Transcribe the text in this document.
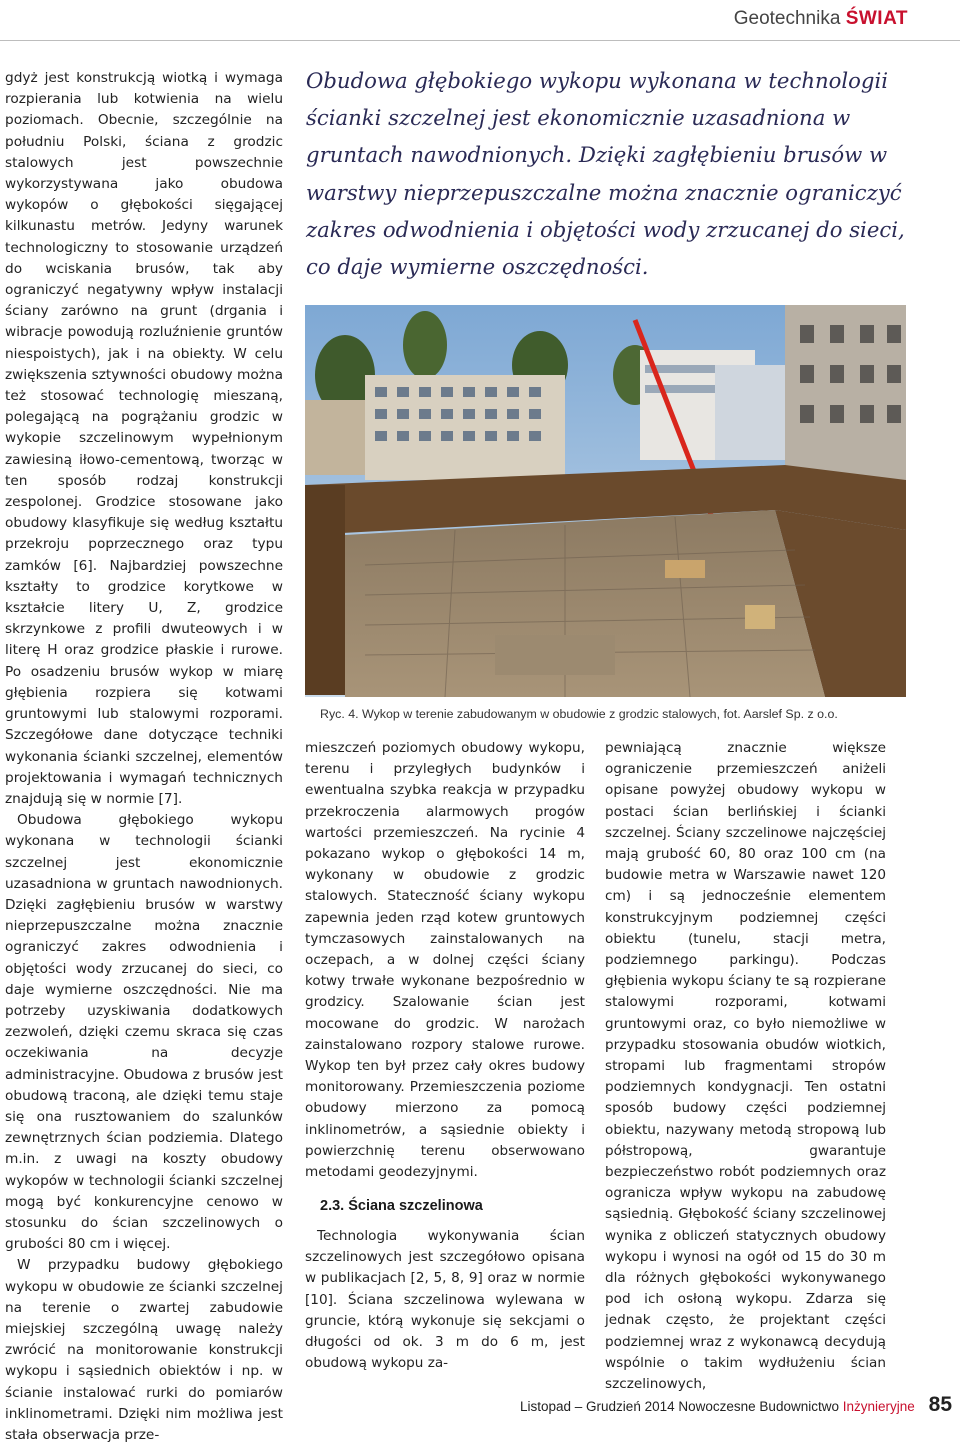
Geotechnika ŚWIAT

gdyż jest konstrukcją wiotką i wymaga rozpierania lub kotwienia na wielu poziomach. Obecnie, szczególnie na południu Polski, ściana z grodzic stalowych jest powszechnie wykorzystywana jako obudowa wykopów o głębokości sięgającej kilkunastu metrów. Jedyny warunek technologiczny to stosowanie urządzeń do wciskania brusów, tak aby ograniczyć negatywny wpływ instalacji ściany zarówno na grunt (drgania i wibracje powodują rozluźnienie gruntów niespoistych), jak i na obiekty. W celu zwiększenia sztywności obudowy można też stosować technologię mieszaną, polegającą na pogrążaniu grodzic w wykopie szczelinowym wypełnionym zawiesiną iłowo-cementową, tworząc w ten sposób rodzaj konstrukcji zespolonej. Grodzice stosowane jako obudowy klasyfikuje się według kształtu przekroju poprzecznego oraz typu zamków [6]. Najbardziej powszechne kształty to grodzice korytkowe w kształcie litery U, Z, grodzice skrzynkowe z profili dwuteowych i w literę H oraz grodzice płaskie i rurowe. Po osadzeniu brusów wykop w miarę głębienia rozpiera się kotwami gruntowymi lub stalowymi rozporami. Szczegółowe dane dotyczące techniki wykonania ścianki szczelnej, elementów projektowania i wymagań technicznych znajdują się w normie [7].

Obudowa głębokiego wykopu wykonana w technologii ścianki szczelnej jest ekonomicznie uzasadniona w gruntach nawodnionych. Dzięki zagłębieniu brusów w warstwy nieprzepuszczalne można znacznie ograniczyć zakres odwodnienia i objętości wody zrzucanej do sieci, co daje wymierne oszczędności. Nie ma potrzeby uzyskiwania dodatkowych zezwoleń, dzięki czemu skraca się czas oczekiwania na decyzje administracyjne. Obudowa z brusów jest obudową traconą, ale dzięki temu staje się ona rusztowaniem do szalunków zewnętrznych ścian podziemia. Dlatego m.in. z uwagi na koszty obudowy wykopów w technologii ścianki szczelnej mogą być konkurencyjne cenowo w stosunku do ścian szczelinowych o grubości 80 cm i więcej.

W przypadku budowy głębokiego wykopu w obudowie ze ścianki szczelnej na terenie o zwartej zabudowie miejskiej szczególną uwagę należy zwrócić na monitorowanie konstrukcji wykopu i sąsiednich obiektów i np. w ścianie instalować rurki do pomiarów inklinometrami. Dzięki nim możliwa jest stała obserwacja prze-

Obudowa głębokiego wykopu wykonana w technologii ścianki szczelnej jest ekonomicznie uzasadniona w gruntach nawodnionych. Dzięki zagłębieniu brusów w warstwy nieprzepuszczalne można znacznie ograniczyć zakres odwodnienia i objętości wody zrzucanej do sieci, co daje wymierne oszczędności.
Ryc. 4. Wykop w terenie zabudowanym w obudowie z grodzic stalowych, fot. Aarslef Sp. z o.o.

mieszczeń poziomych obudowy wykopu, terenu i przyległych budynków i ewentualna szybka reakcja w przypadku przekroczenia alarmowych progów wartości przemieszczeń. Na rycinie 4 pokazano wykop o głębokości 14 m, wykonany w obudowie z grodzic stalowych. Stateczność ściany wykopu zapewnia jeden rząd kotew gruntowych tymczasowych zainstalowanych na oczepach, a w dolnej części ściany kotwy trwałe wykonane bezpośrednio w grodzicy. Szalowanie ścian jest mocowane do grodzic. W narożach zainstalowano rozpory stalowe rurowe. Wykop ten był przez cały okres budowy monitorowany. Przemieszczenia poziome obudowy mierzono za pomocą inklinometrów, a sąsiednie obiekty i powierzchnię terenu obserwowano metodami geodezyjnymi.

2.3. Ściana szczelinowa

Technologia wykonywania ścian szczelinowych jest szczegółowo opisana w publikacjach [2, 5, 8, 9] oraz w normie [10]. Ściana szczelinowa wylewana w gruncie, którą wykonuje się sekcjami o długości od ok. 3 m do 6 m, jest obudową wykopu za-

pewniającą znacznie większe ograniczenie przemieszczeń aniżeli opisane powyżej obudowy wykopu w postaci ścian berlińskiej i ścianki szczelnej. Ściany szczelinowe najczęściej mają grubość 60, 80 oraz 100 cm (na budowie metra w Warszawie nawet 120 cm) i są jednocześnie elementem konstrukcyjnym podziemnej części obiektu (tunelu, stacji metra, podziemnego parkingu). Podczas głębienia wykopu ściany te są rozpierane stalowymi rozporami, kotwami gruntowymi oraz, co było niemożliwe w przypadku stosowania obudów wiotkich, stropami lub fragmentami stropów podziemnych kondygnacji. Ten ostatni sposób budowy części podziemnej obiektu, nazywany metodą stropową lub półstropową, gwarantuje bezpieczeństwo robót podziemnych oraz ogranicza wpływ wykopu na zabudowę sąsiednią. Głębokość ściany szczelinowej wynika z obliczeń statycznych obudowy wykopu i wynosi na ogół od 15 do 30 m dla różnych głębokości wykonywanego pod ich osłoną wykopu. Zdarza się jednak często, że projektant części podziemnej wraz z wykonawcą decydują wspólnie o takim wydłużeniu ścian szczelinowych,

Listopad – Grudzień 2014 Nowoczesne Budownictwo Inżynieryjne 85
